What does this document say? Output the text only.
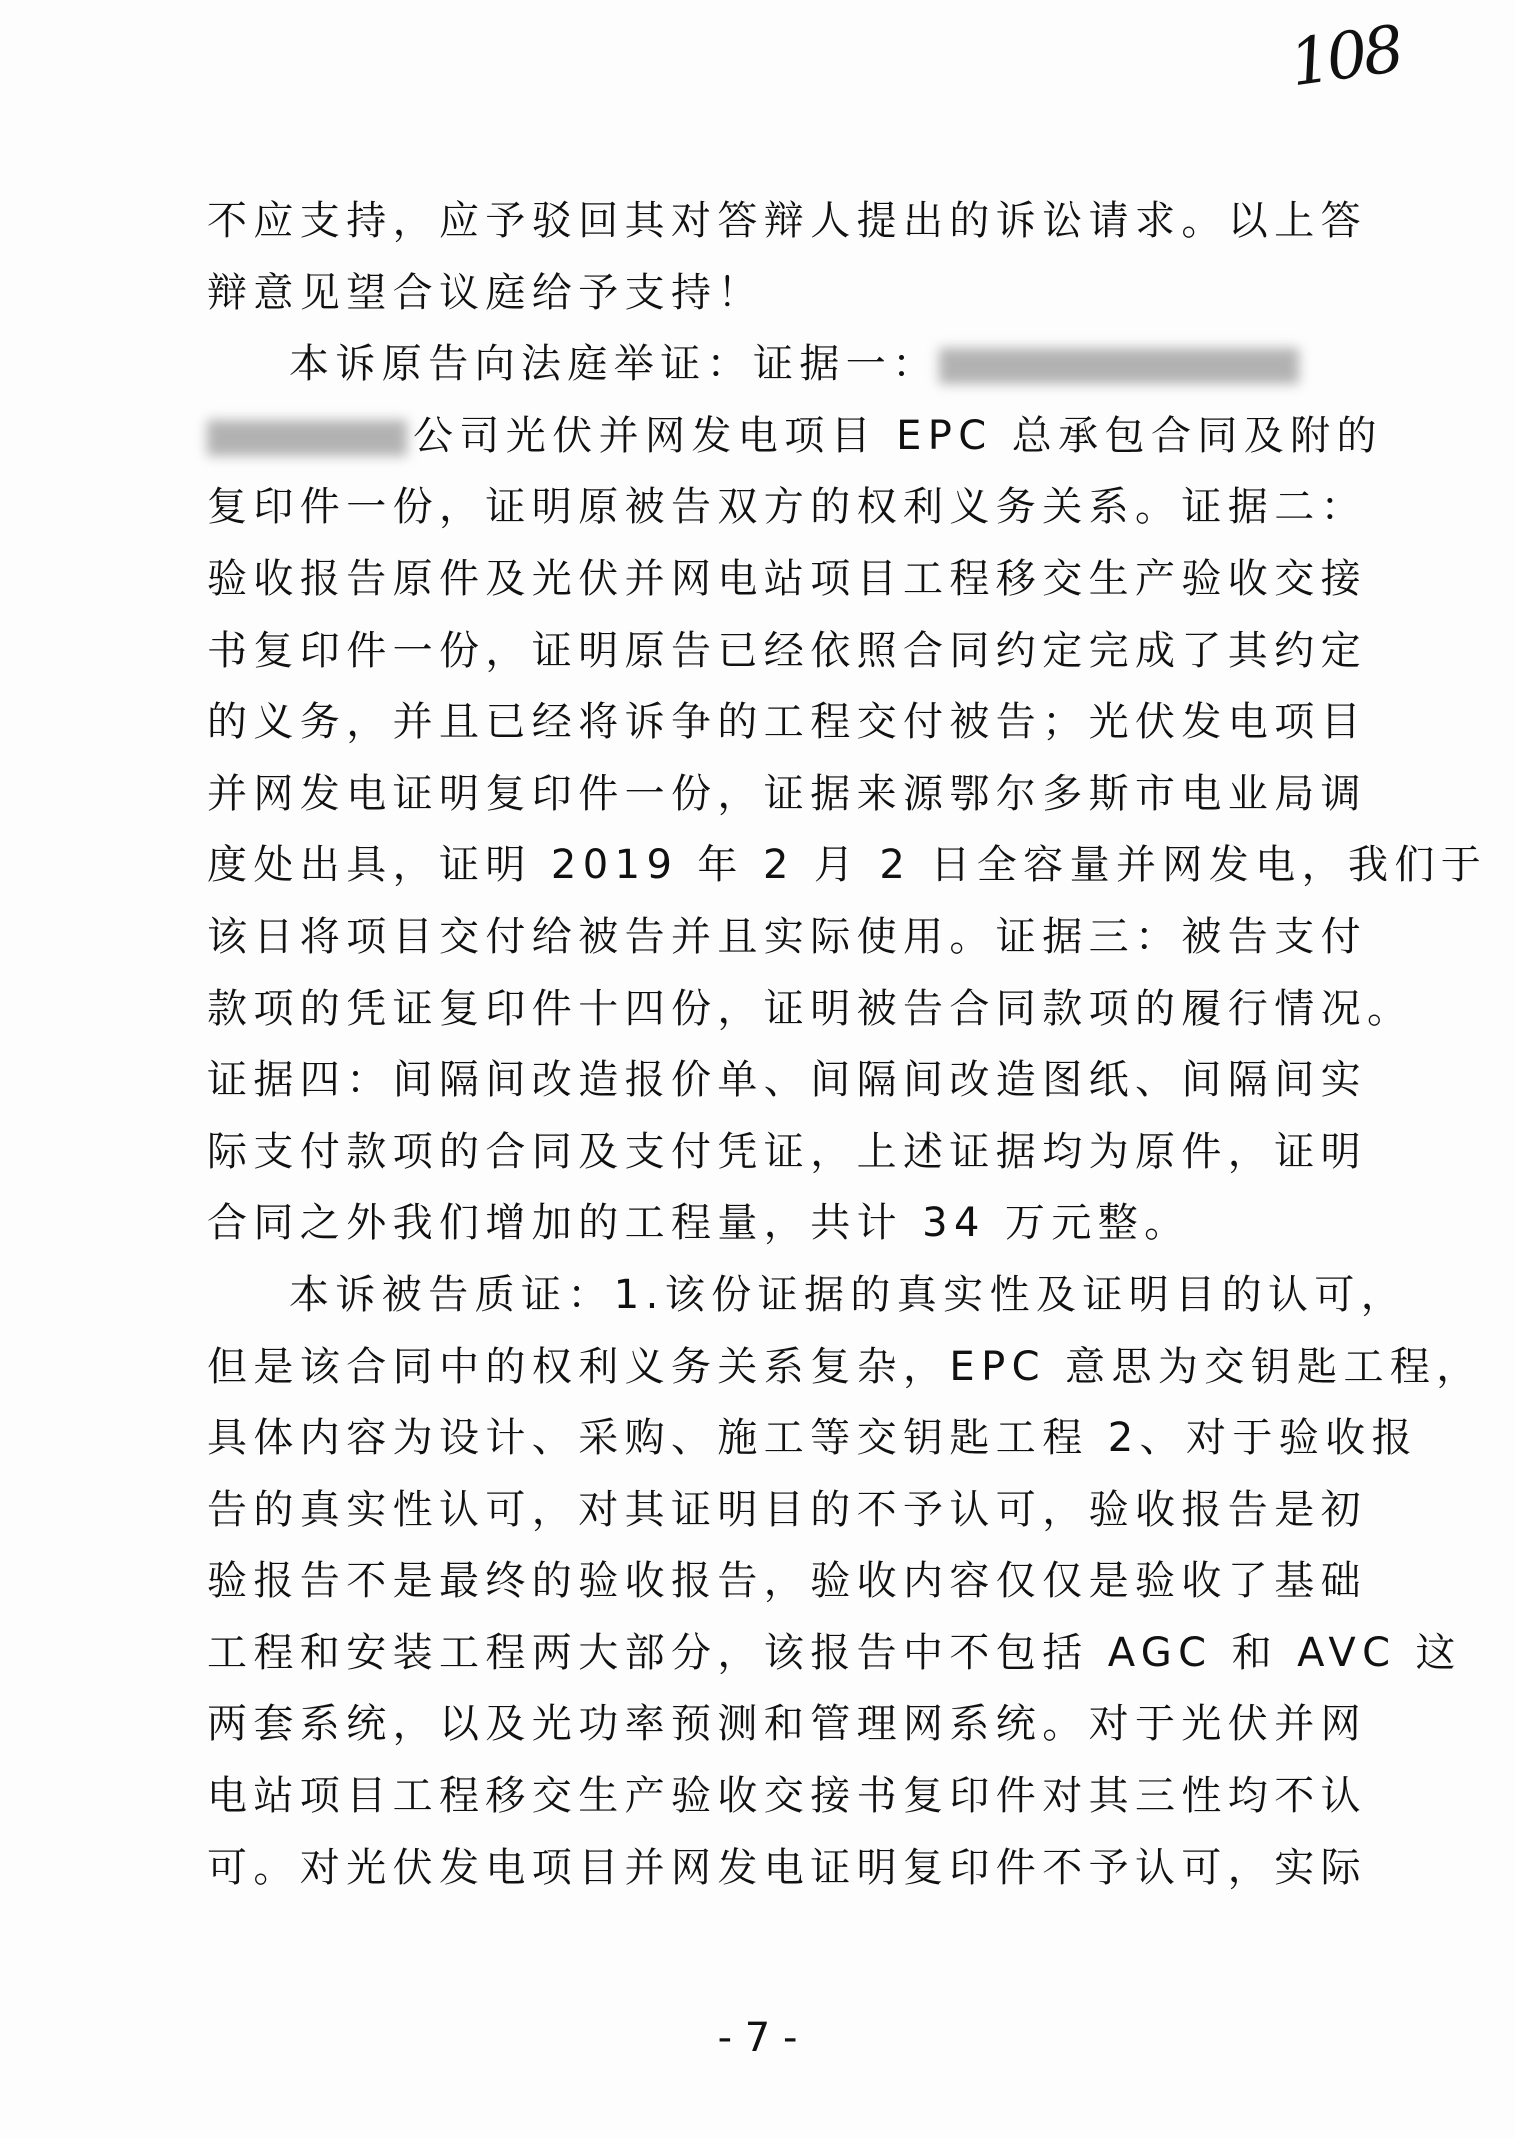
108
不应支持，应予驳回其对答辩人提出的诉讼请求。以上答
辩意见望合议庭给予支持！
本诉原告向法庭举证：证据一：
公司光伏并网发电项目 EPC 总承包合同及附的
复印件一份，证明原被告双方的权利义务关系。证据二：
验收报告原件及光伏并网电站项目工程移交生产验收交接
书复印件一份，证明原告已经依照合同约定完成了其约定
的义务，并且已经将诉争的工程交付被告；光伏发电项目
并网发电证明复印件一份，证据来源鄂尔多斯市电业局调
度处出具，证明 2019 年 2 月 2 日全容量并网发电，我们于
该日将项目交付给被告并且实际使用。证据三：被告支付
款项的凭证复印件十四份，证明被告合同款项的履行情况。
证据四：间隔间改造报价单、间隔间改造图纸、间隔间实
际支付款项的合同及支付凭证，上述证据均为原件，证明
合同之外我们增加的工程量，共计 34 万元整。
本诉被告质证：1.该份证据的真实性及证明目的认可，
但是该合同中的权利义务关系复杂，EPC 意思为交钥匙工程，
具体内容为设计、采购、施工等交钥匙工程 2、对于验收报
告的真实性认可，对其证明目的不予认可，验收报告是初
验报告不是最终的验收报告，验收内容仅仅是验收了基础
工程和安装工程两大部分，该报告中不包括 AGC 和 AVC 这
两套系统，以及光功率预测和管理网系统。对于光伏并网
电站项目工程移交生产验收交接书复印件对其三性均不认
可。对光伏发电项目并网发电证明复印件不予认可，实际
- 7 -
